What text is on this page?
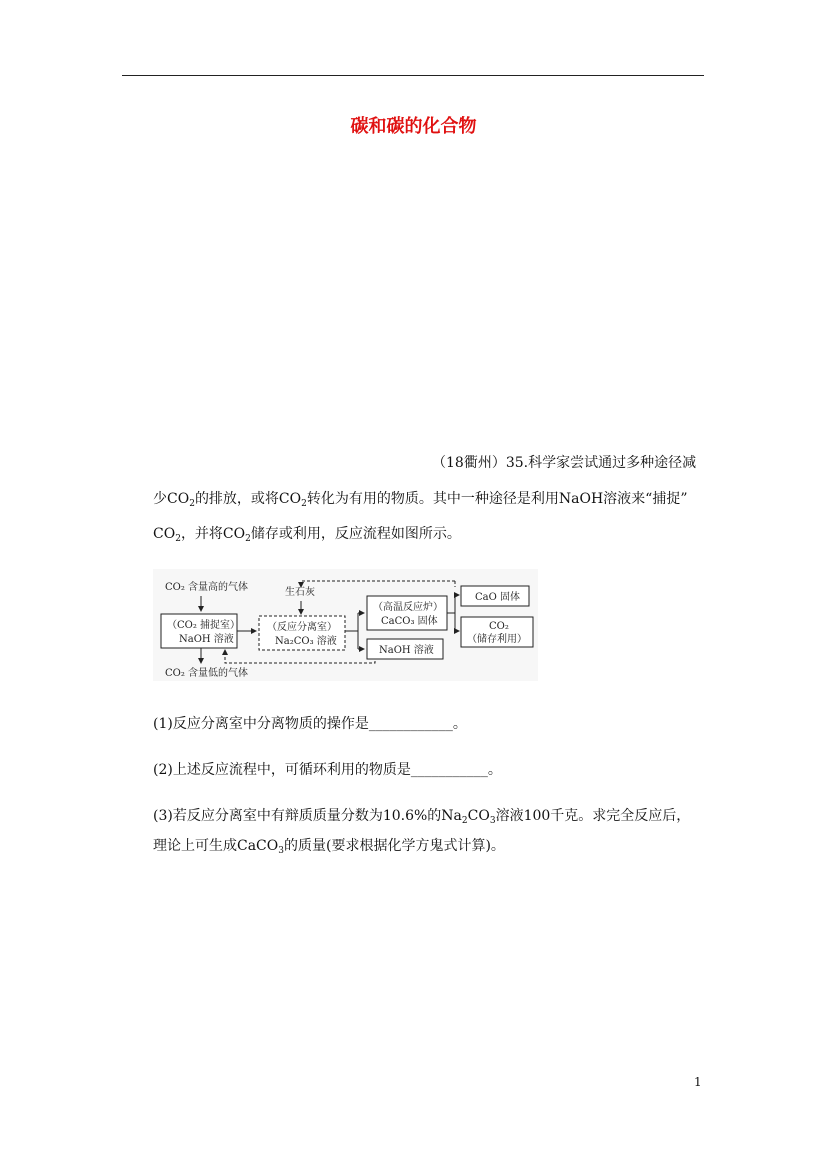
碳和碳的化合物
（18衢州）35.科学家尝试通过多种途径减
少$CO_2$的排放，或将$CO_2$转化为有用的物质。其中一种途径是利用NaOH溶液来“捕捉”
$CO_2$，并将$CO_2$储存或利用，反应流程如图所示。
CO₂ 含量高的气体
（CO₂ 捕捉室）
NaOH 溶液
CO₂ 含量低的气体
生石灰
（反应分离室）
Na₂CO₃ 溶液
（高温反应炉）
CaCO₃ 固体
NaOH 溶液
CaO 固体
CO₂
（储存利用）
(1)反应分离室中分离物质的操作是____________。
(2)上述反应流程中，可循环利用的物质是___________。
(3)若反应分离室中有辩质质量分数为10.6%的$Na_2CO_3$溶液100千克。求完全反应后，
理论上可生成CaCO$_3$的质量(要求根据化学方鬼式计算)。
1
